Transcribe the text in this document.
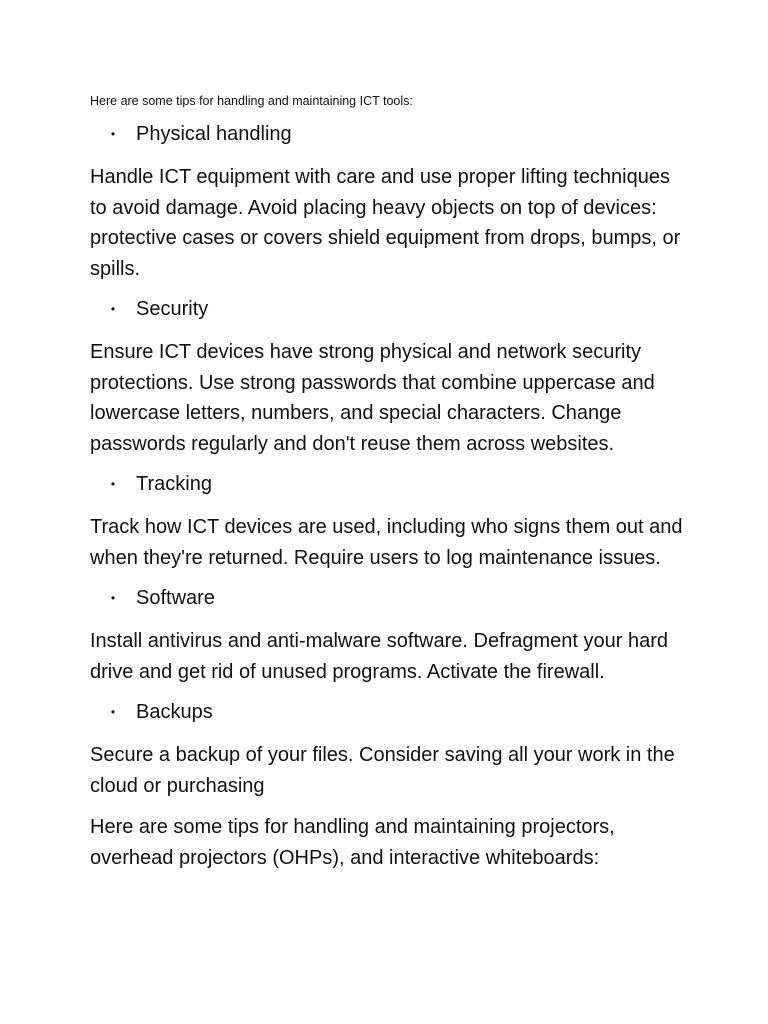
Here are some tips for handling and maintaining ICT tools:

•	Physical handling

Handle ICT equipment with care and use proper lifting techniques to avoid damage. Avoid placing heavy objects on top of devices: protective cases or covers shield equipment from drops, bumps, or spills.

•	Security

Ensure ICT devices have strong physical and network security protections. Use strong passwords that combine uppercase and lowercase letters, numbers, and special characters. Change passwords regularly and don't reuse them across websites.

•	Tracking

Track how ICT devices are used, including who signs them out and when they're returned. Require users to log maintenance issues.

•	Software

Install antivirus and anti-malware software. Defragment your hard drive and get rid of unused programs. Activate the firewall.

•	Backups

Secure a backup of your files. Consider saving all your work in the cloud or purchasing

Here are some tips for handling and maintaining projectors, overhead projectors (OHPs), and interactive whiteboards:
